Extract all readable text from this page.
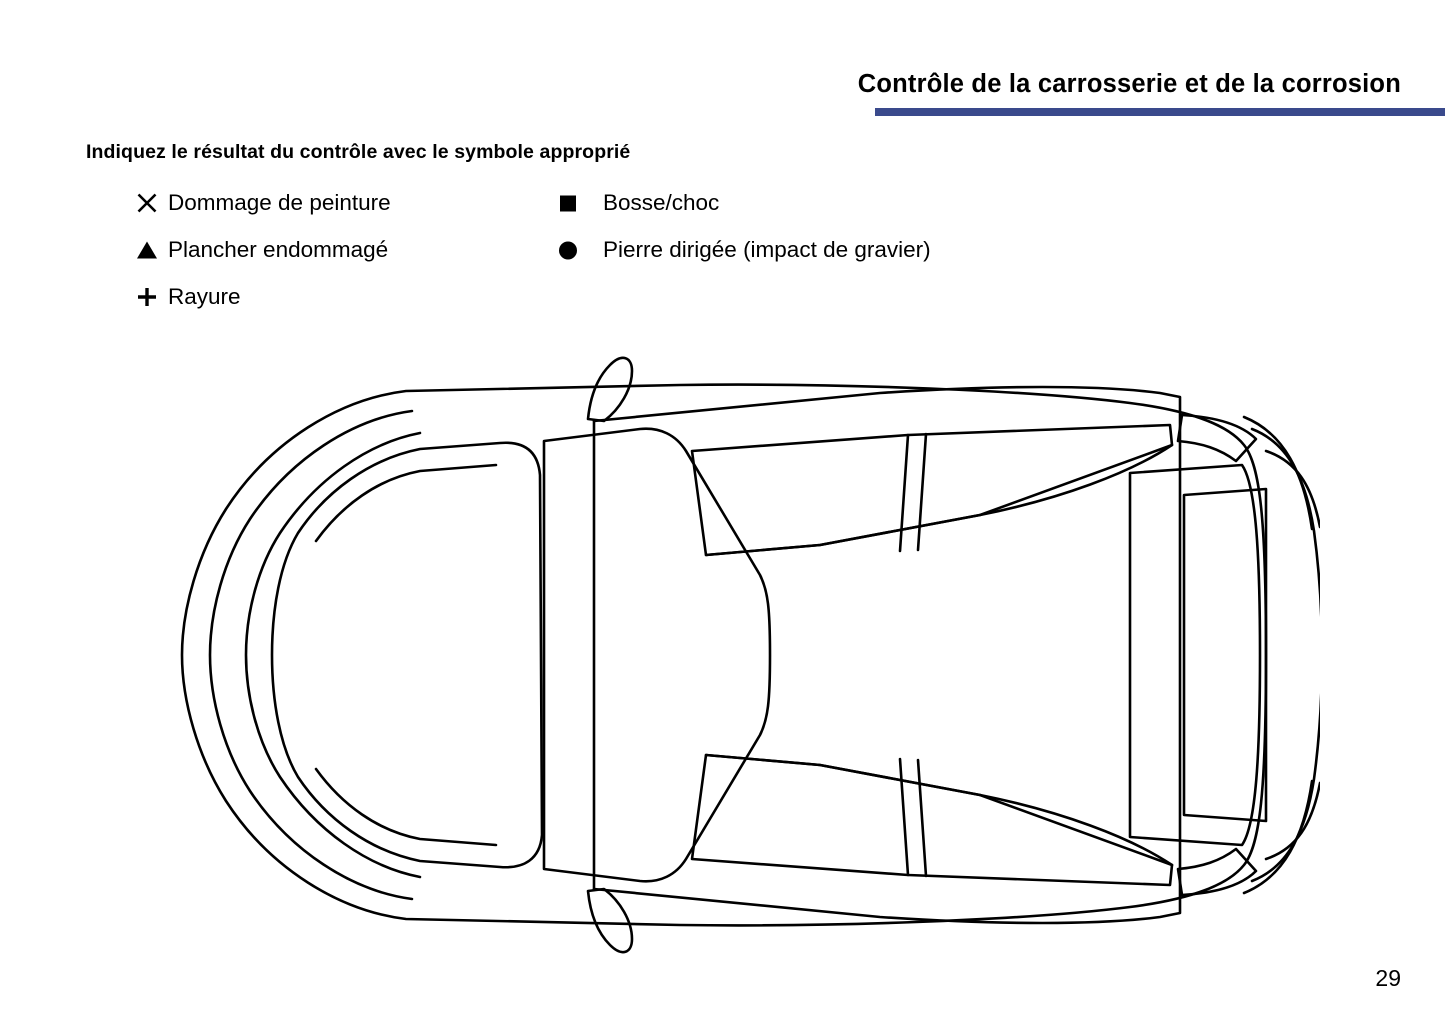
Contrôle de la carrosserie et de la corrosion
Indiquez le résultat du contrôle avec le symbole approprié
Dommage de peinture	Bosse/choc
Plancher endommagé	Pierre dirigée (impact de gravier)
Rayure
29
